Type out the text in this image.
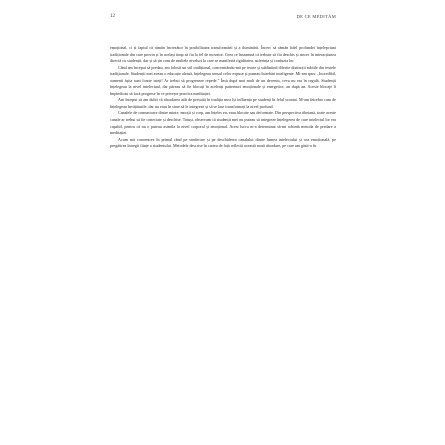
12	DE CE MEDITĂM

emoțional, ci și faptul că rămân încrezător în posibilitatea transformării și a iluminării. Încerc să rămân fidel profundei înțelepciuni tradiționale din care provin și în același timp să fiu la fel de inovator. Ceea ce înseamnă că trebuie să fiu deschis și sincer în interacțiunea directă cu studenții, dar și să țin cont de multele niveluri la care se manifestă rigiditatea, suferința și confuzia lor.

Când am început să predau, am folosit un stil tradițional, concentrându-mă pe teorie și subliniind diferite distincții subtile din textele tradiționale. Studenții mei aveau o educație aleasă, înțelegeau sensul celor expuse și puneau întrebări inteligente. Mi-am spus: „Incredibil, oamenii ăștia sunt foarte isteți! Ar trebui să progreseze repede.” Însă după mai mult de un deceniu, ceva nu era în regulă. Studenții înțelegeau la nivel intelectual, dar păreau să fie blocați în aceleași patternuri emoționale și energetice, an după an. Aceste blocaje îi împiedicau să facă progrese în ce privește practica meditației.

Am început să am dubii că abordarea atât de prețuită în tradiția mea își influența pe studenți în felul scontat. M-am întrebat cum de înțelegeau învățăturile, dar nu erau în stare să le integreze și să se lase transformați la nivel profund.

Canalele de comunicare dintre minte, emoții și corp, am înțeles eu, erau blocate sau deformate. Din perspectiva tibetană, toate aceste canale ar trebui să fie conectate și deschise. Totuși, observam că studenții mei nu puteau să integreze înțelegerea de care intelectul lor era capabil, pentru că nu o puteau asimila la nivel corporal și emoțional. Acest lucru m-a determinat să-mi schimb metoda de predare a meditației.

Acum mă concentrez în primul rând pe vindecare și pe deschiderea canalului dintre lumea intelectului și cea emoțională, pe pregătirea întregii ființe a studentului. Metodele descrise în cartea de față reflectă această nouă abordare, pe care am găsit-o în
